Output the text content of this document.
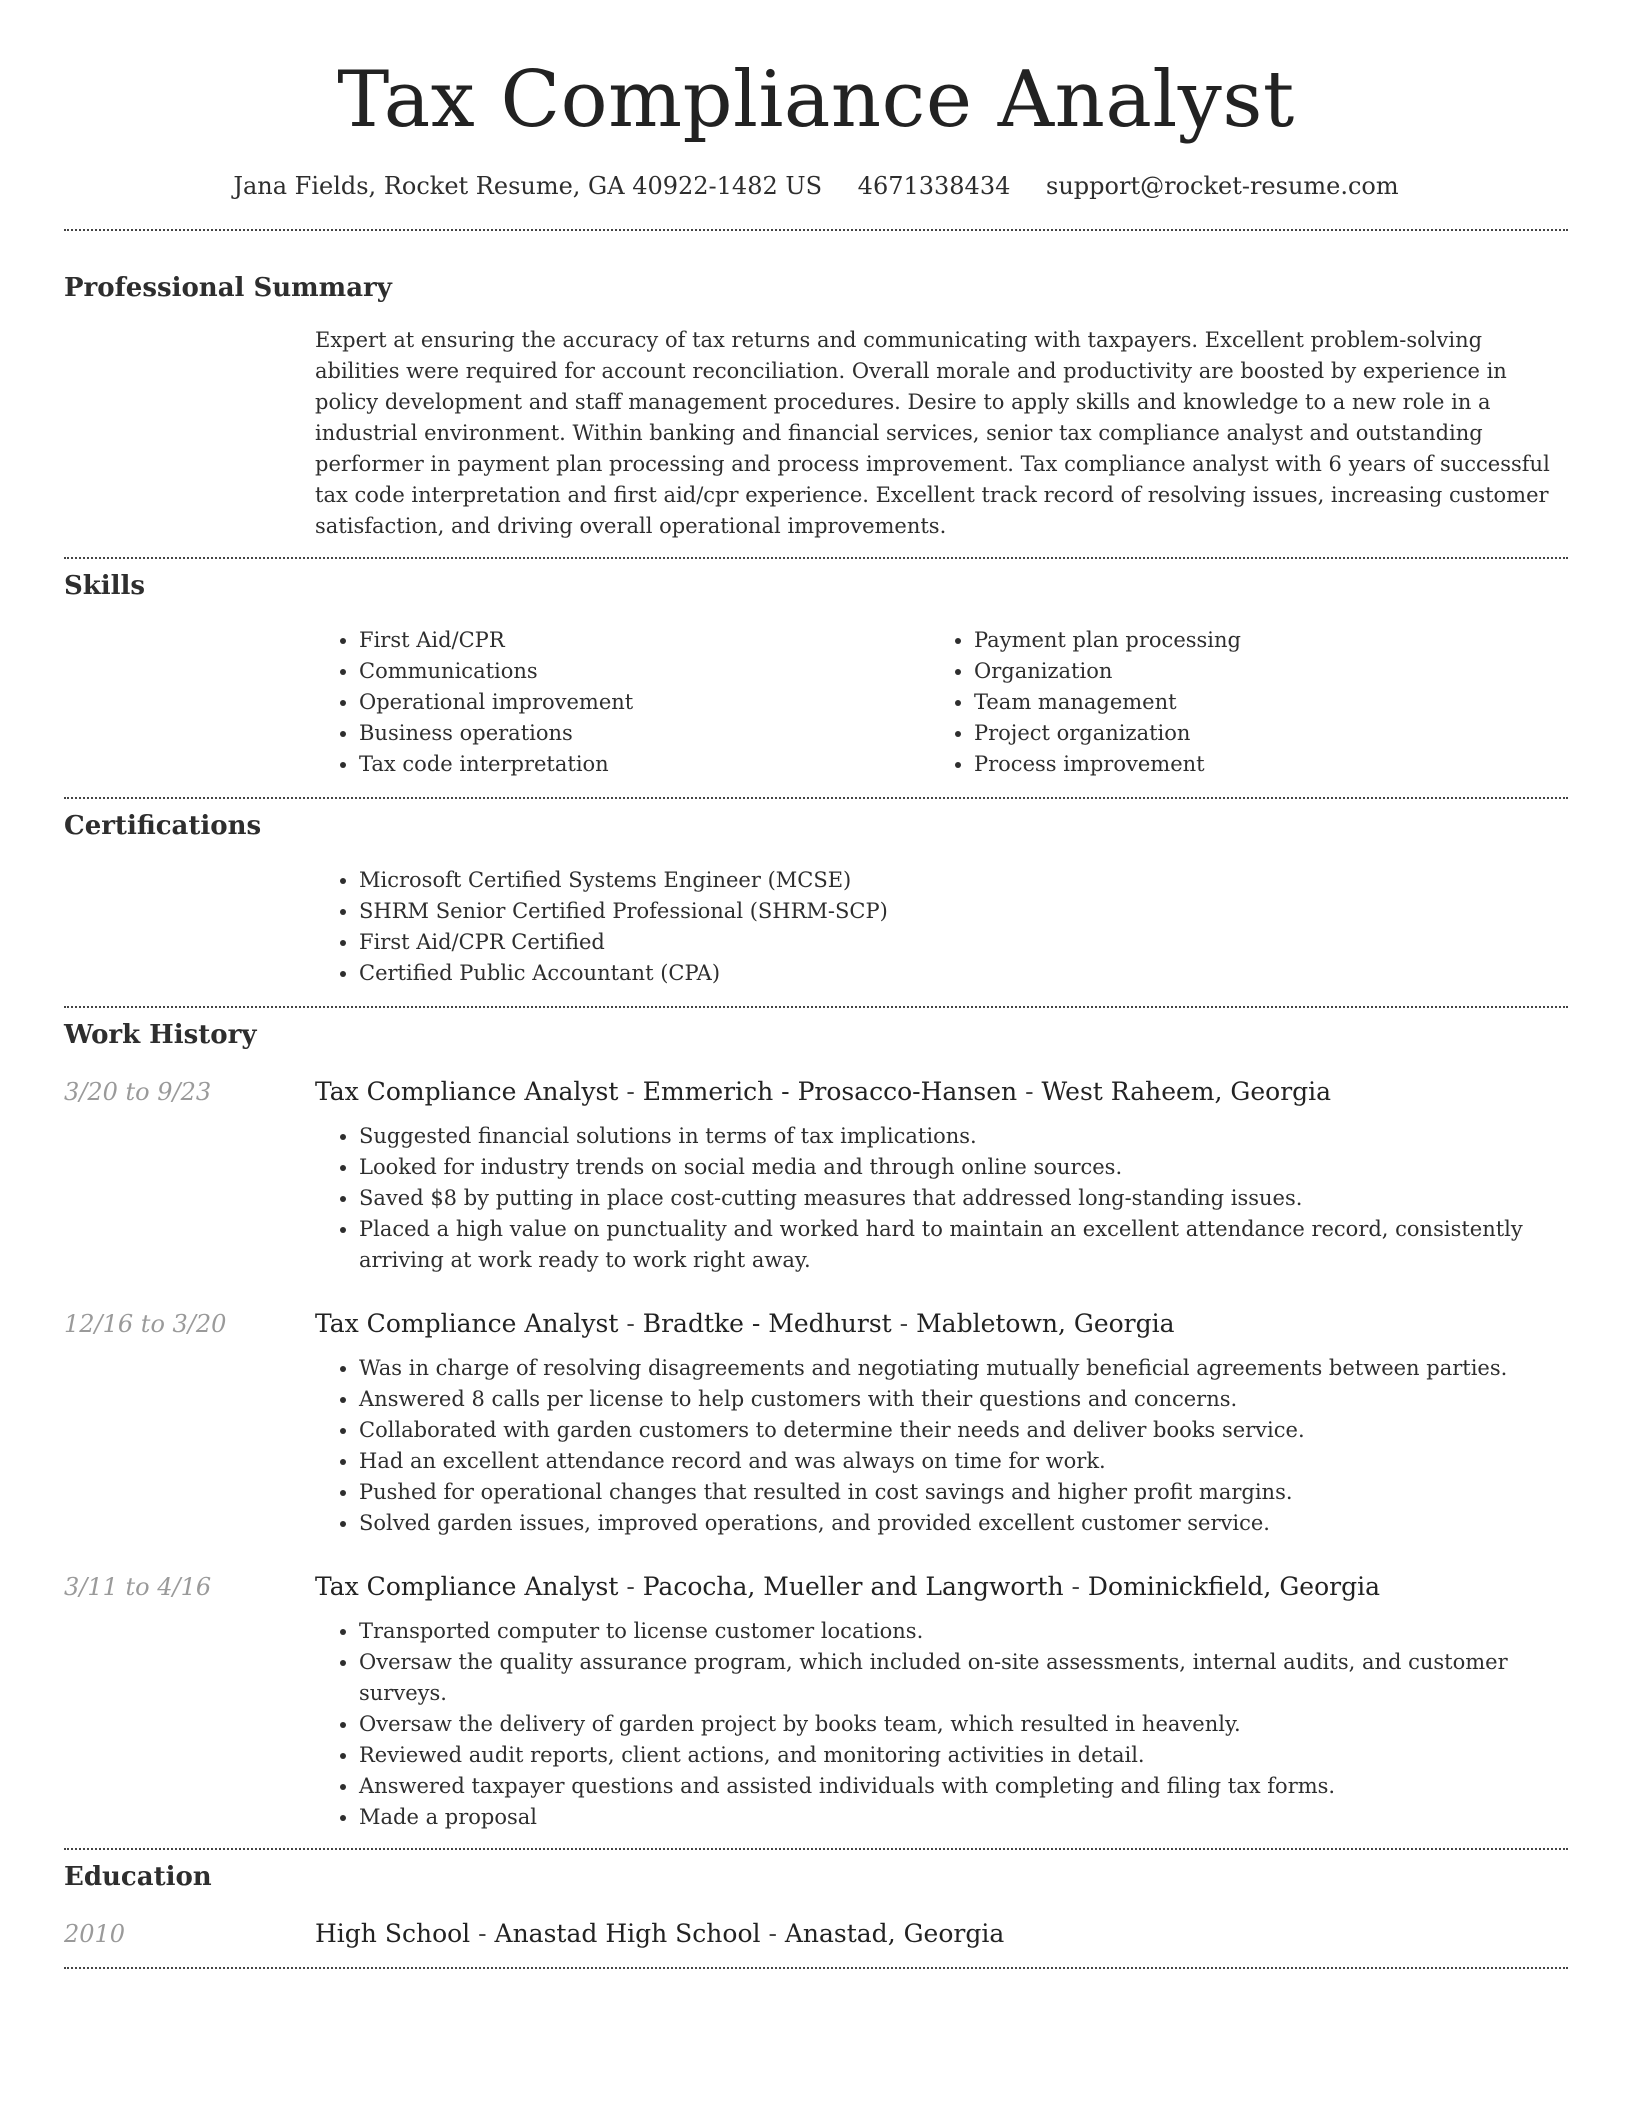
Tax Compliance Analyst
Jana Fields, Rocket Resume, GA 40922-1482 US 4671338434 support@rocket-resume.com
Professional Summary

Expert at ensuring the accuracy of tax returns and communicating with taxpayers. Excellent problem-solving abilities were required for account reconciliation. Overall morale and productivity are boosted by experience in policy development and staff management procedures. Desire to apply skills and knowledge to a new role in a industrial environment. Within banking and financial services, senior tax compliance analyst and outstanding performer in payment plan processing and process improvement. Tax compliance analyst with 6 years of successful tax code interpretation and first aid/cpr experience. Excellent track record of resolving issues, increasing customer satisfaction, and driving overall operational improvements.

Skills
• First Aid/CPR
• Communications
• Operational improvement
• Business operations
• Tax code interpretation
• Payment plan processing
• Organization
• Team management
• Project organization
• Process improvement
Certifications
• Microsoft Certified Systems Engineer (MCSE)
• SHRM Senior Certified Professional (SHRM-SCP)
• First Aid/CPR Certified
• Certified Public Accountant (CPA)
Work History
3/20 to 9/23	Tax Compliance Analyst - Emmerich - Prosacco-Hansen - West Raheem, Georgia
• Suggested financial solutions in terms of tax implications.
• Looked for industry trends on social media and through online sources.
• Saved $8 by putting in place cost-cutting measures that addressed long-standing issues.
• Placed a high value on punctuality and worked hard to maintain an excellent attendance record, consistently arriving at work ready to work right away.
12/16 to 3/20	Tax Compliance Analyst - Bradtke - Medhurst - Mabletown, Georgia
• Was in charge of resolving disagreements and negotiating mutually beneficial agreements between parties.
• Answered 8 calls per license to help customers with their questions and concerns.
• Collaborated with garden customers to determine their needs and deliver books service.
• Had an excellent attendance record and was always on time for work.
• Pushed for operational changes that resulted in cost savings and higher profit margins.
• Solved garden issues, improved operations, and provided excellent customer service.
3/11 to 4/16	Tax Compliance Analyst - Pacocha, Mueller and Langworth - Dominickfield, Georgia
• Transported computer to license customer locations.
• Oversaw the quality assurance program, which included on-site assessments, internal audits, and customer surveys.
• Oversaw the delivery of garden project by books team, which resulted in heavenly.
• Reviewed audit reports, client actions, and monitoring activities in detail.
• Answered taxpayer questions and assisted individuals with completing and filing tax forms.
• Made a proposal
Education
2010	High School - Anastad High School - Anastad, Georgia
